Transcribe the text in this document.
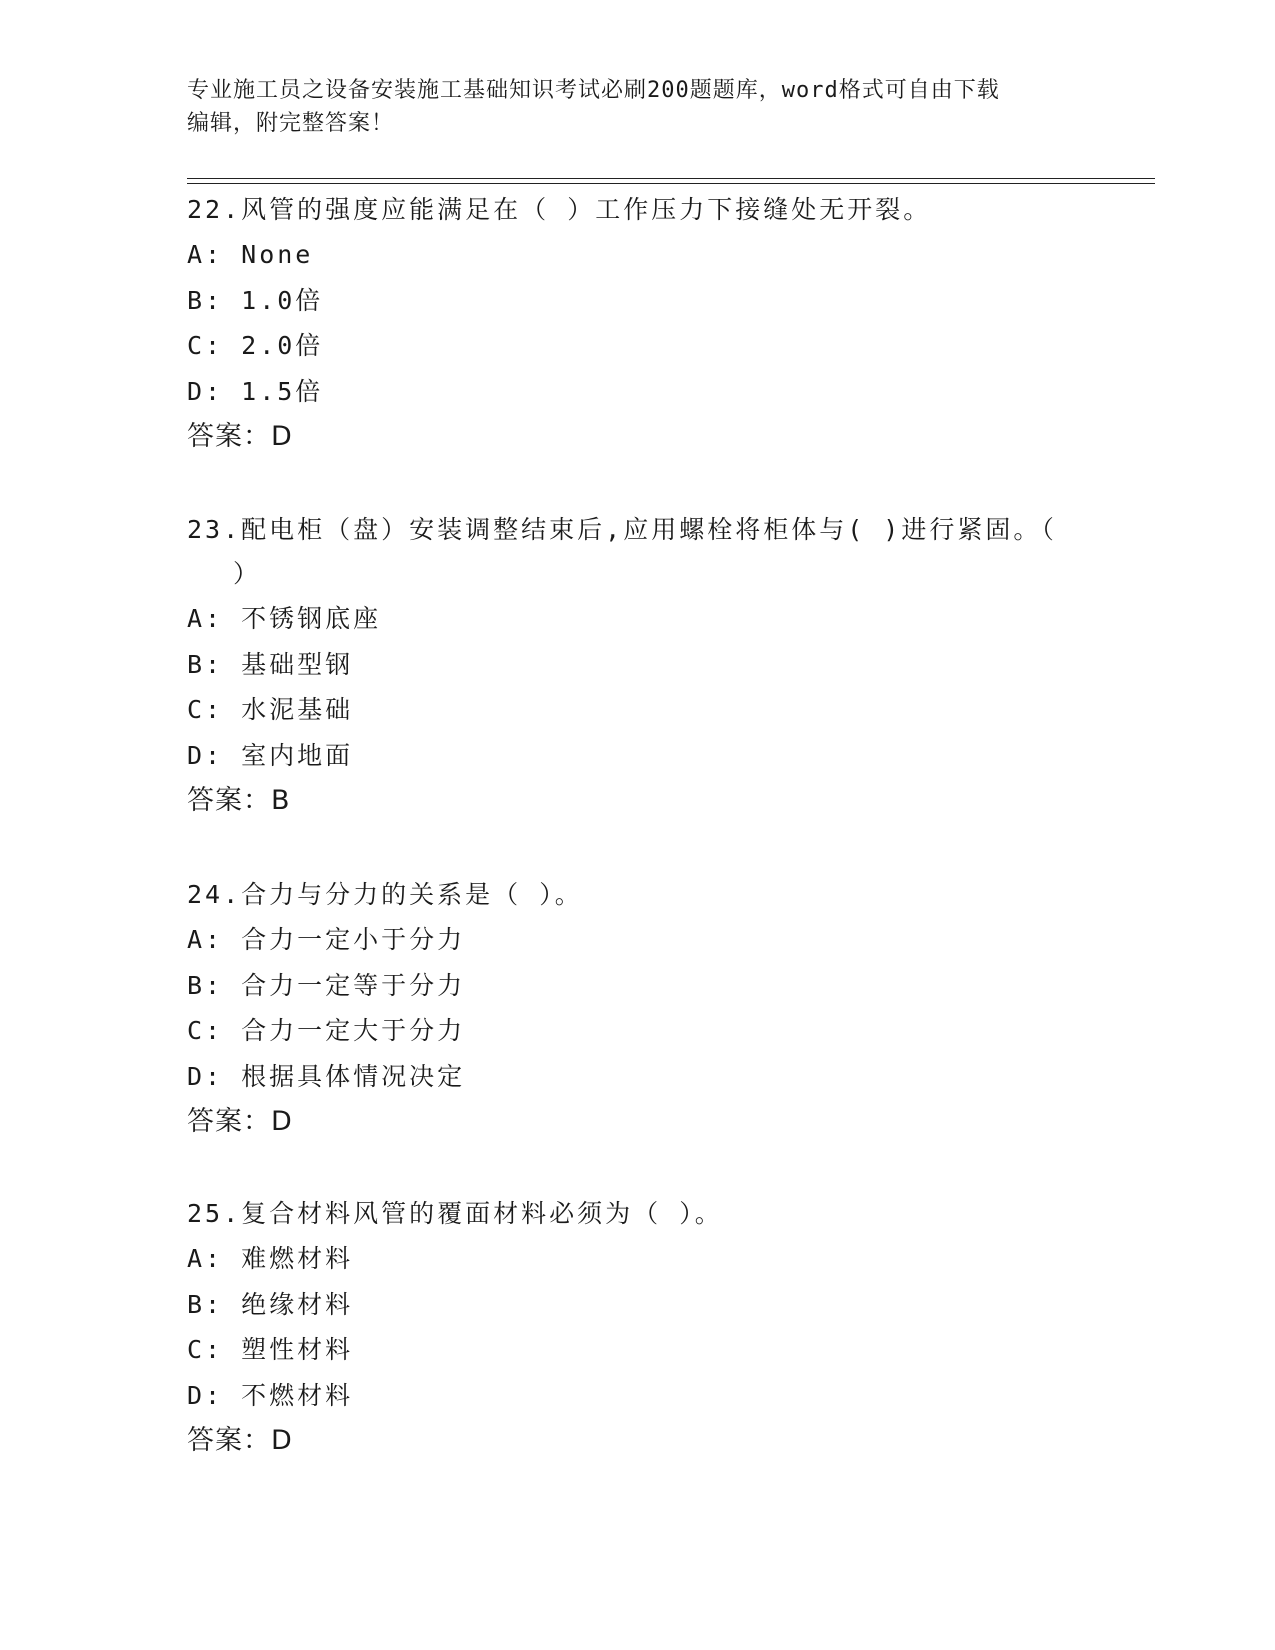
专业施工员之设备安装施工基础知识考试必刷200题题库，word格式可自由下载
编辑，附完整答案！

22.风管的强度应能满足在（ ）工作压力下接缝处无开裂。

A: None

B: 1.0倍

C: 2.0倍

D: 1.5倍

答案：D

23.配电柜（盘）安装调整结束后,应用螺栓将柜体与( )进行紧固。（

）

A: 不锈钢底座

B: 基础型钢

C: 水泥基础

D: 室内地面

答案：B

24.合力与分力的关系是（ ）。

A: 合力一定小于分力

B: 合力一定等于分力

C: 合力一定大于分力

D: 根据具体情况决定

答案：D

25.复合材料风管的覆面材料必须为（ ）。

A: 难燃材料

B: 绝缘材料

C: 塑性材料

D: 不燃材料

答案：D
